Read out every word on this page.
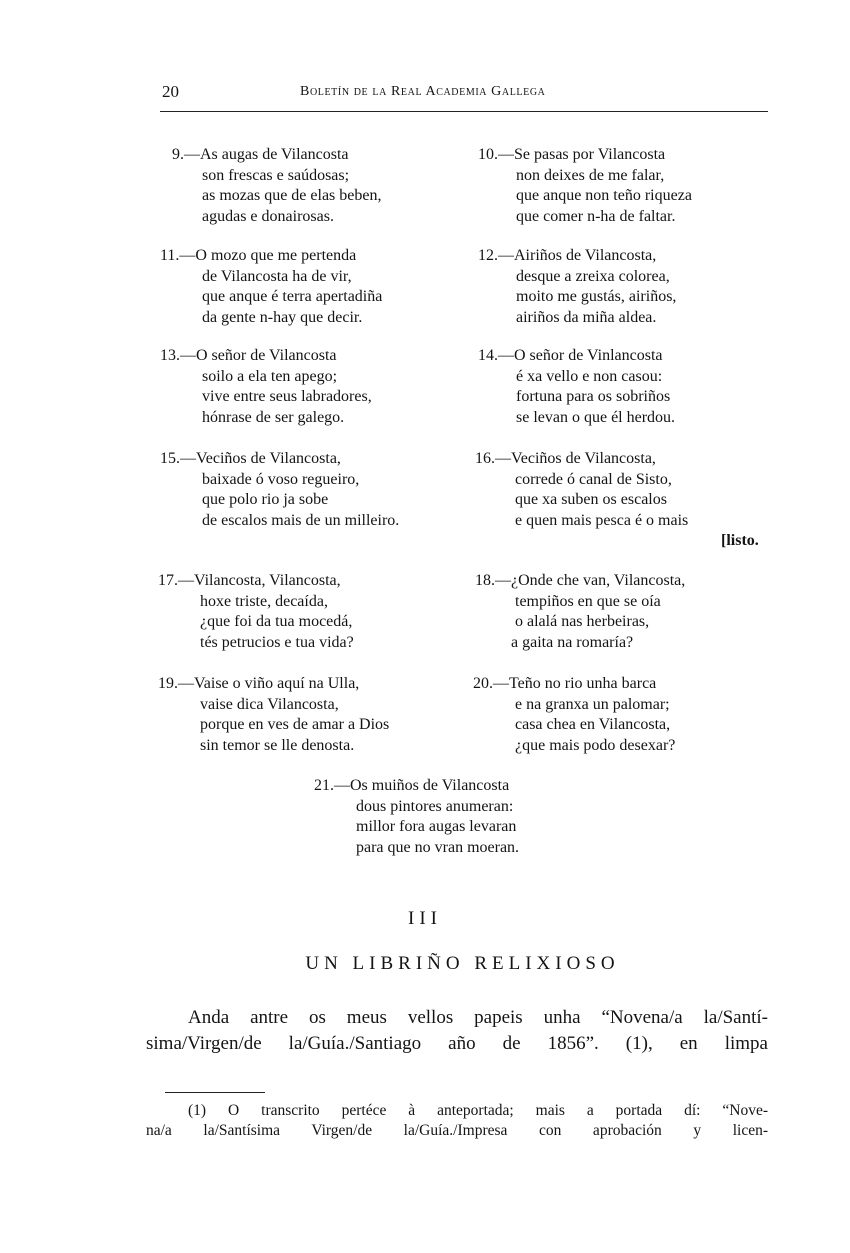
20	Boletín de la Real Academia Gallega
9.—As augas de Vilancosta
son frescas e saúdosas;
as mozas que de elas beben,
agudas e donairosas.
10.—Se pasas por Vilancosta
non deixes de me falar,
que anque non teño riqueza
que comer n-ha de faltar.
11.—O mozo que me pertenda
de Vilancosta ha de vir,
que anque é terra apertadiña
da gente n-hay que decir.
12.—Airiños de Vilancosta,
desque a zreixa colorea,
moito me gustás, airiños,
airiños da miña aldea.
13.—O señor de Vilancosta
soilo a ela ten apego;
vive entre seus labradores,
hónrase de ser galego.
14.—O señor de Vinlancosta
é xa vello e non casou:
fortuna para os sobriños
se levan o que él herdou.
15.—Veciños de Vilancosta,
baixade ó voso regueiro,
que polo rio ja sobe
de escalos mais de un milleiro.
16.—Veciños de Vilancosta,
correde ó canal de Sisto,
que xa suben os escalos
e quen mais pesca é o mais
[listo.
17.—Vilancosta, Vilancosta,
hoxe triste, decaída,
¿que foi da tua mocedá,
tés petrucios e tua vida?
18.—¿Onde che van, Vilancosta,
tempiños en que se oía
o alalá nas herbeiras,
a gaita na romaría?
19.—Vaise o viño aquí na Ulla,
vaise dica Vilancosta,
porque en ves de amar a Dios
sin temor se lle denosta.
20.—Teño no rio unha barca
e na granxa un palomar;
casa chea en Vilancosta,
¿que mais podo desexar?
21.—Os muiños de Vilancosta
dous pintores anumeran:
millor fora augas levaran
para que no vran moeran.
III
UN LIBRIÑO RELIXIOSO
Anda antre os meus vellos papeis unha “Novena/a la/Santí-
sima/Virgen/de la/Guía./Santiago año de 1856”. (1), en limpa
(1) O transcrito pertéce à anteportada; mais a portada dí: “Nove-
na/a la/Santísima Virgen/de la/Guía./Impresa con aprobación y licen-
